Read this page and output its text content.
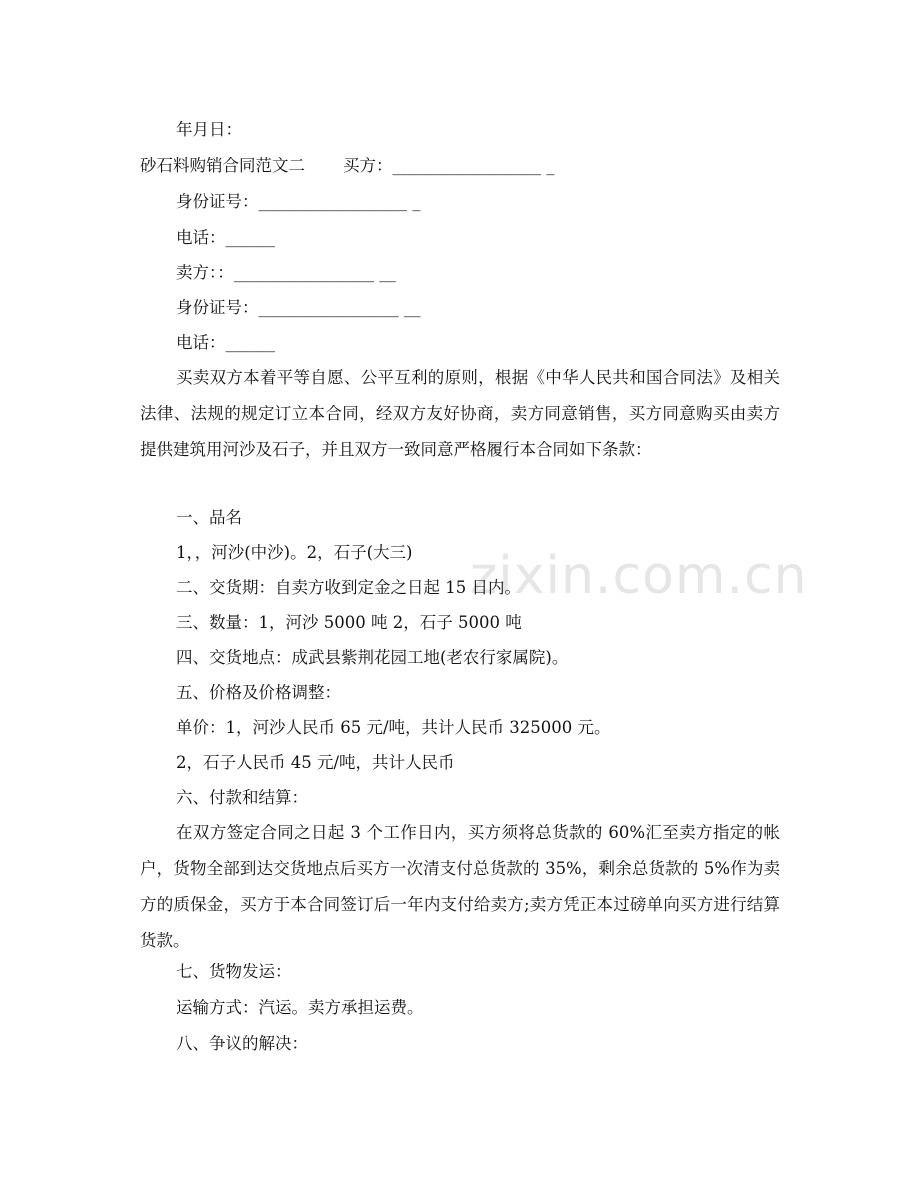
zixin.com.cn
年月日：
砂石料购销合同范文二 买方：__________________ _
身份证号：__________________ _
电话：______
卖方：：_________________ __
身份证号：_________________ __
电话：______
买卖双方本着平等自愿、公平互利的原则，根据《中华人民共和国合同法》及相关法律、法规的规定订立本合同，经双方友好协商，卖方同意销售，买方同意购买由卖方提供建筑用河沙及石子，并且双方一致同意严格履行本合同如下条款：
一、品名
1，，河沙(中沙)。2，石子(大三)
二、交货期：自卖方收到定金之日起 15 日内。
三、数量：1，河沙 5000 吨 2，石子 5000 吨
四、交货地点：成武县紫荆花园工地(老农行家属院)。
五、价格及价格调整：
单价：1，河沙人民币 65 元/吨，共计人民币 325000 元。
2，石子人民币 45 元/吨，共计人民币
六、付款和结算：
在双方签定合同之日起 3 个工作日内，买方须将总货款的 60%汇至卖方指定的帐户，货物全部到达交货地点后买方一次清支付总货款的 35%，剩余总货款的 5%作为卖方的质保金，买方于本合同签订后一年内支付给卖方;卖方凭正本过磅单向买方进行结算货款。
七、货物发运：
运输方式：汽运。卖方承担运费。
八、争议的解决：
